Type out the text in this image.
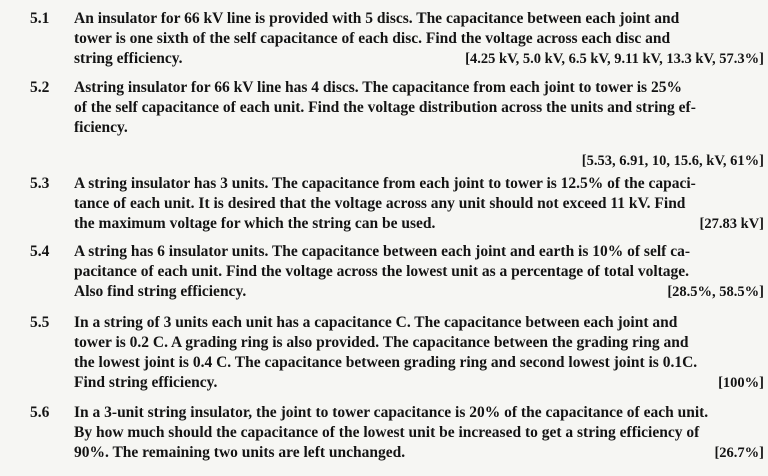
5.1 An insulator for 66 kV line is provided with 5 discs. The capacitance between each joint and
tower is one sixth of the self capacitance of each disc. Find the voltage across each disc and
string efficiency.	[4.25 kV, 5.0 kV, 6.5 kV, 9.11 kV, 13.3 kV, 57.3%]
5.2 Astring insulator for 66 kV line has 4 discs. The capacitance from each joint to tower is 25%
of the self capacitance of each unit. Find the voltage distribution across the units and string ef-
ficiency.
[5.53, 6.91, 10, 15.6, kV, 61%]
5.3 A string insulator has 3 units. The capacitance from each joint to tower is 12.5% of the capaci-
tance of each unit. It is desired that the voltage across any unit should not exceed 11 kV. Find
the maximum voltage for which the string can be used.	[27.83 kV]
5.4 A string has 6 insulator units. The capacitance between each joint and earth is 10% of self ca-
pacitance of each unit. Find the voltage across the lowest unit as a percentage of total voltage.
Also find string efficiency.	[28.5%, 58.5%]
5.5 In a string of 3 units each unit has a capacitance C. The capacitance between each joint and
tower is 0.2 C. A grading ring is also provided. The capacitance between the grading ring and
the lowest joint is 0.4 C. The capacitance between grading ring and second lowest joint is 0.1C.
Find string efficiency.	[100%]
5.6 In a 3-unit string insulator, the joint to tower capacitance is 20% of the capacitance of each unit.
By how much should the capacitance of the lowest unit be increased to get a string efficiency of
90%. The remaining two units are left unchanged.	[26.7%]
